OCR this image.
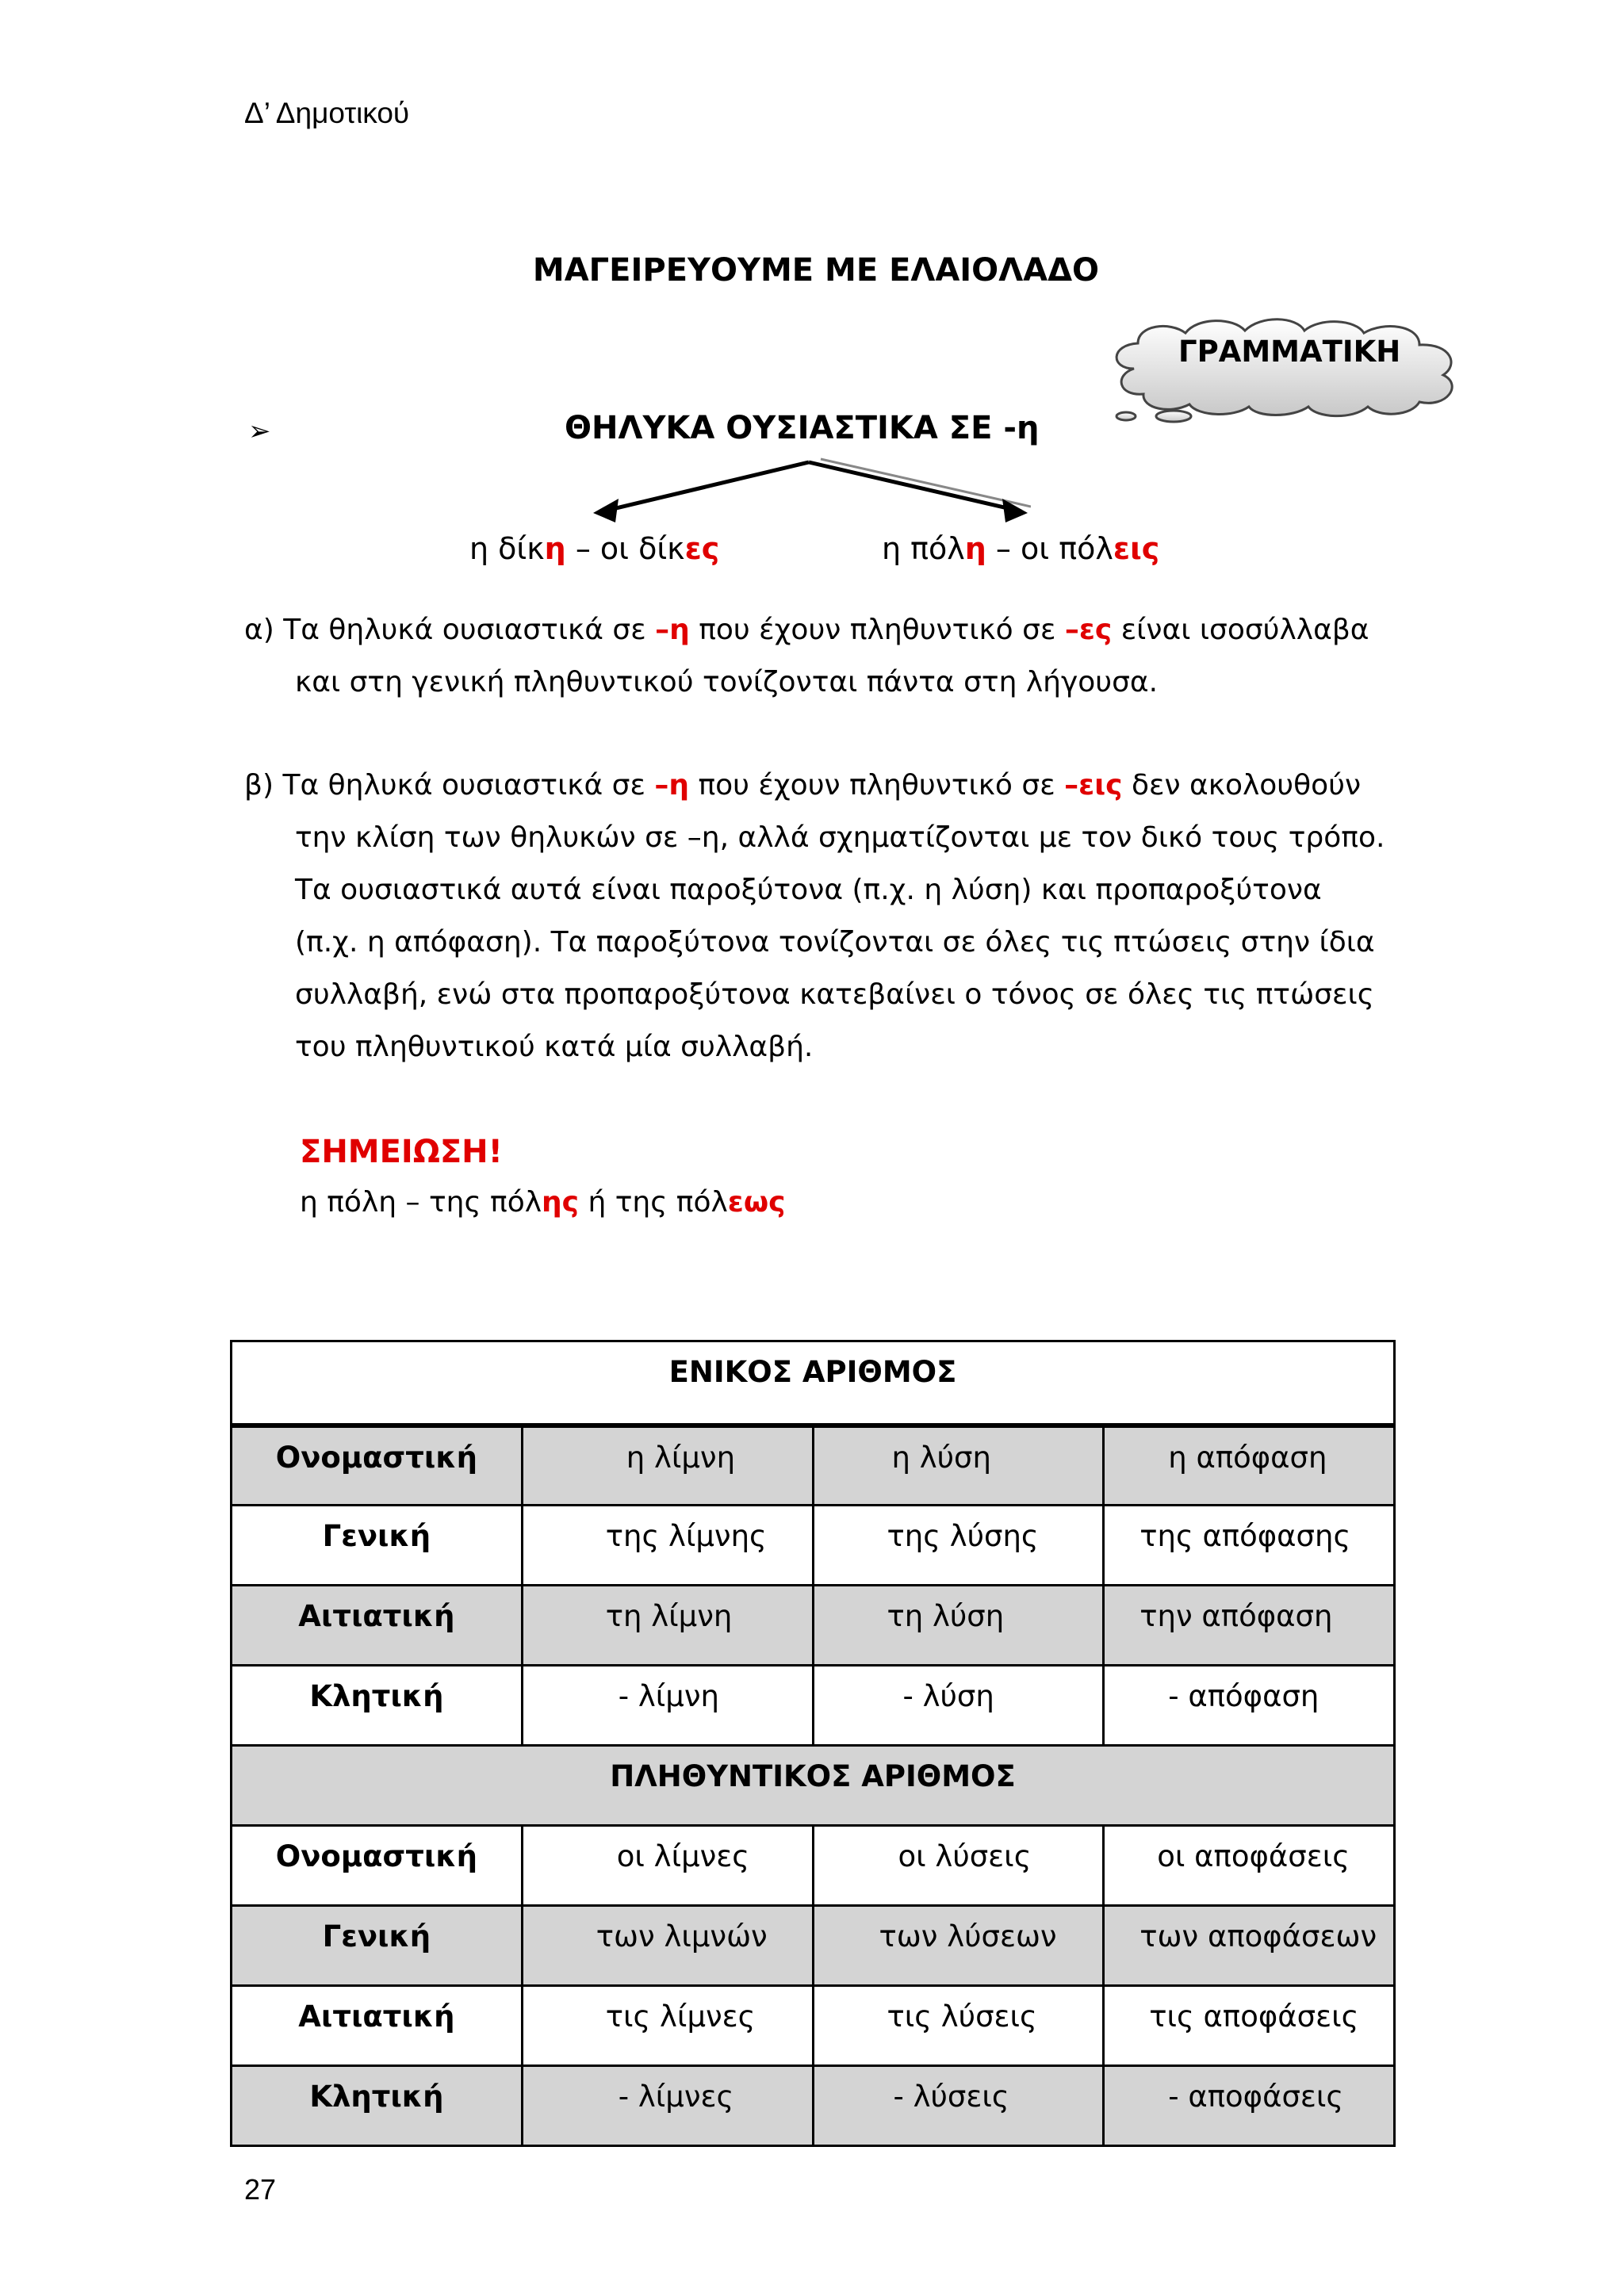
Δ’ Δημοτικού
ΜΑΓΕΙΡΕΥΟΥΜΕ ΜΕ ΕΛΑΙΟΛΑΔΟ
ΓΡΑΜΜΑΤΙΚΗ
➢	ΘΗΛΥΚΑ ΟΥΣΙΑΣΤΙΚΑ ΣΕ -η
η δίκη – οι δίκες	η πόλη – οι πόλεις
α) Τα θηλυκά ουσιαστικά σε –η που έχουν πληθυντικό σε –ες είναι ισοσύλλαβα
και στη γενική πληθυντικού τονίζονται πάντα στη λήγουσα.
β) Τα θηλυκά ουσιαστικά σε –η που έχουν πληθυντικό σε –εις δεν ακολουθούν
την κλίση των θηλυκών σε –η, αλλά σχηματίζονται με τον δικό τους τρόπο.
Τα ουσιαστικά αυτά είναι παροξύτονα (π.χ. η λύση) και προπαροξύτονα
(π.χ. η απόφαση). Τα παροξύτονα τονίζονται σε όλες τις πτώσεις στην ίδια
συλλαβή, ενώ στα προπαροξύτονα κατεβαίνει ο τόνος σε όλες τις πτώσεις
του πληθυντικού κατά μία συλλαβή.
ΣΗΜΕΙΩΣΗ!
η πόλη – της πόλης ή της πόλεως
ΕΝΙΚΟΣ ΑΡΙΘΜΟΣ			
Ονομαστική	η λίμνη	η λύση	η απόφαση
Γενική	της λίμνης	της λύσης	της απόφασης
Αιτιατική	τη λίμνη	τη λύση	την απόφαση
Κλητική	- λίμνη	- λύση	- απόφαση
ΠΛΗΘΥΝΤΙΚΟΣ ΑΡΙΘΜΟΣ			
Ονομαστική	οι λίμνες	οι λύσεις	οι αποφάσεις
Γενική	των λιμνών	των λύσεων	των αποφάσεων
Αιτιατική	τις λίμνες	τις λύσεις	τις αποφάσεις
Κλητική	- λίμνες	- λύσεις	- αποφάσεις
27
